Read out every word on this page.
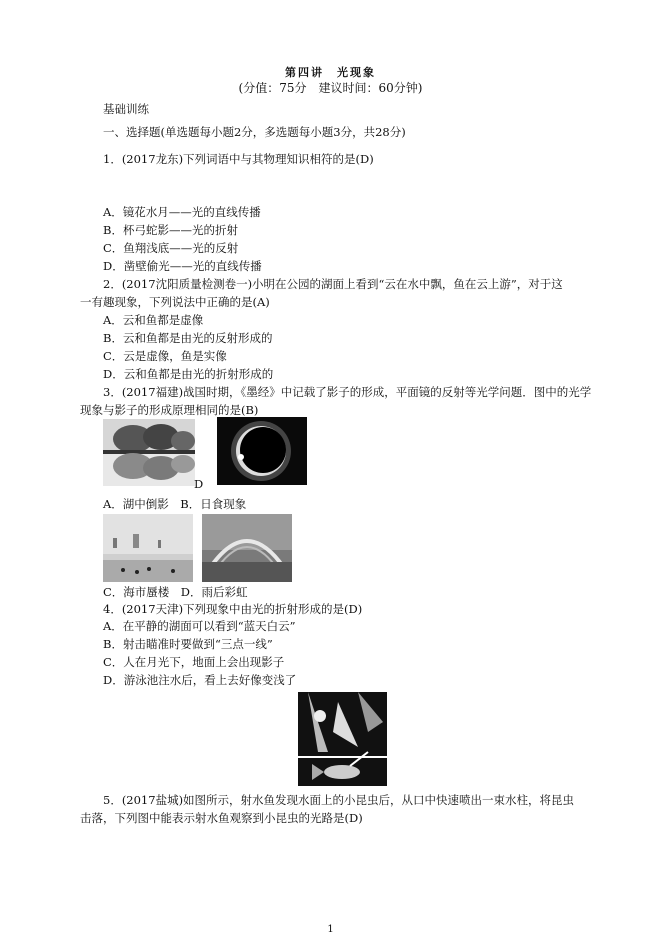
第四讲　光现象
(分值：75分　建议时间：60分钟)
基础训练
一、选择题(单选题每小题2分，多选题每小题3分，共28分)
1．(2017龙东)下列词语中与其物理知识相符的是(D)
A．镜花水月——光的直线传播
B．杯弓蛇影——光的折射
C．鱼翔浅底——光的反射
D．凿壁偷光——光的直线传播
2．(2017沈阳质量检测卷一)小明在公园的湖面上看到“云在水中飘，鱼在云上游”，对于这
一有趣现象，下列说法中正确的是(A)
A．云和鱼都是虚像
B．云和鱼都是由光的反射形成的
C．云是虚像，鱼是实像
D．云和鱼都是由光的折射形成的
3．(2017福建)战国时期，《墨经》中记载了影子的形成，平面镜的反射等光学问题．图中的光学
现象与影子的形成原理相同的是(B)
D
A．湖中倒影　B．日食现象
C．海市蜃楼　D．雨后彩虹
4．(2017天津)下列现象中由光的折射形成的是(D)
A．在平静的湖面可以看到“蓝天白云”
B．射击瞄准时要做到“三点一线”
C．人在月光下，地面上会出现影子
D．游泳池注水后，看上去好像变浅了
5．(2017盐城)如图所示，射水鱼发现水面上的小昆虫后，从口中快速喷出一束水柱，将昆虫
击落，下列图中能表示射水鱼观察到小昆虫的光路是(D)
1
